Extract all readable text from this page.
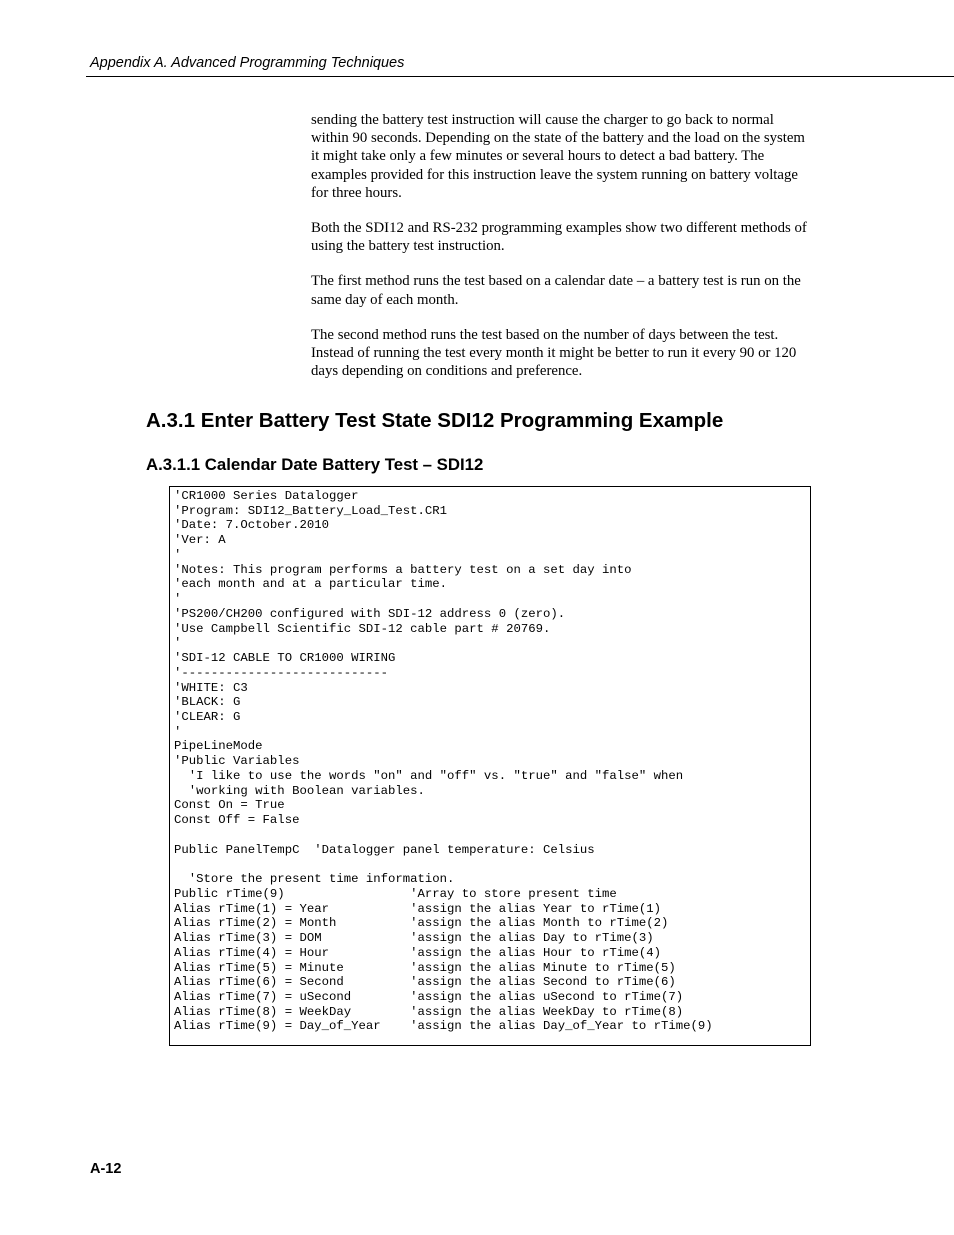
Appendix A. Advanced Programming Techniques

sending the battery test instruction will cause the charger to go back to normal within 90 seconds. Depending on the state of the battery and the load on the system it might take only a few minutes or several hours to detect a bad battery. The examples provided for this instruction leave the system running on battery voltage for three hours.

Both the SDI12 and RS-232 programming examples show two different methods of using the battery test instruction.

The first method runs the test based on a calendar date – a battery test is run on the same day of each month.

The second method runs the test based on the number of days between the test. Instead of running the test every month it might be better to run it every 90 or 120 days depending on conditions and preference.

A.3.1 Enter Battery Test State SDI12 Programming Example
A.3.1.1 Calendar Date Battery Test – SDI12
'CR1000 Series Datalogger
'Program: SDI12_Battery_Load_Test.CR1
'Date: 7.October.2010
'Ver: A
'
'Notes: This program performs a battery test on a set day into
'each month and at a particular time.
'
'PS200/CH200 configured with SDI-12 address 0 (zero).
'Use Campbell Scientific SDI-12 cable part # 20769.
'
'SDI-12 CABLE TO CR1000 WIRING
'----------------------------
'WHITE: C3
'BLACK: G
'CLEAR: G
'
PipeLineMode
'Public Variables
'I like to use the words "on" and "off" vs. "true" and "false" when
'working with Boolean variables.
Const On = True
Const Off = False

Public PanelTempC  'Datalogger panel temperature: Celsius

'Store the present time information.
Public rTime(9)                 'Array to store present time
Alias rTime(1) = Year           'assign the alias Year to rTime(1)
Alias rTime(2) = Month          'assign the alias Month to rTime(2)
Alias rTime(3) = DOM            'assign the alias Day to rTime(3)
Alias rTime(4) = Hour           'assign the alias Hour to rTime(4)
Alias rTime(5) = Minute         'assign the alias Minute to rTime(5)
Alias rTime(6) = Second         'assign the alias Second to rTime(6)
Alias rTime(7) = uSecond        'assign the alias uSecond to rTime(7)
Alias rTime(8) = WeekDay        'assign the alias WeekDay to rTime(8)
Alias rTime(9) = Day_of_Year    'assign the alias Day_of_Year to rTime(9)
A-12
